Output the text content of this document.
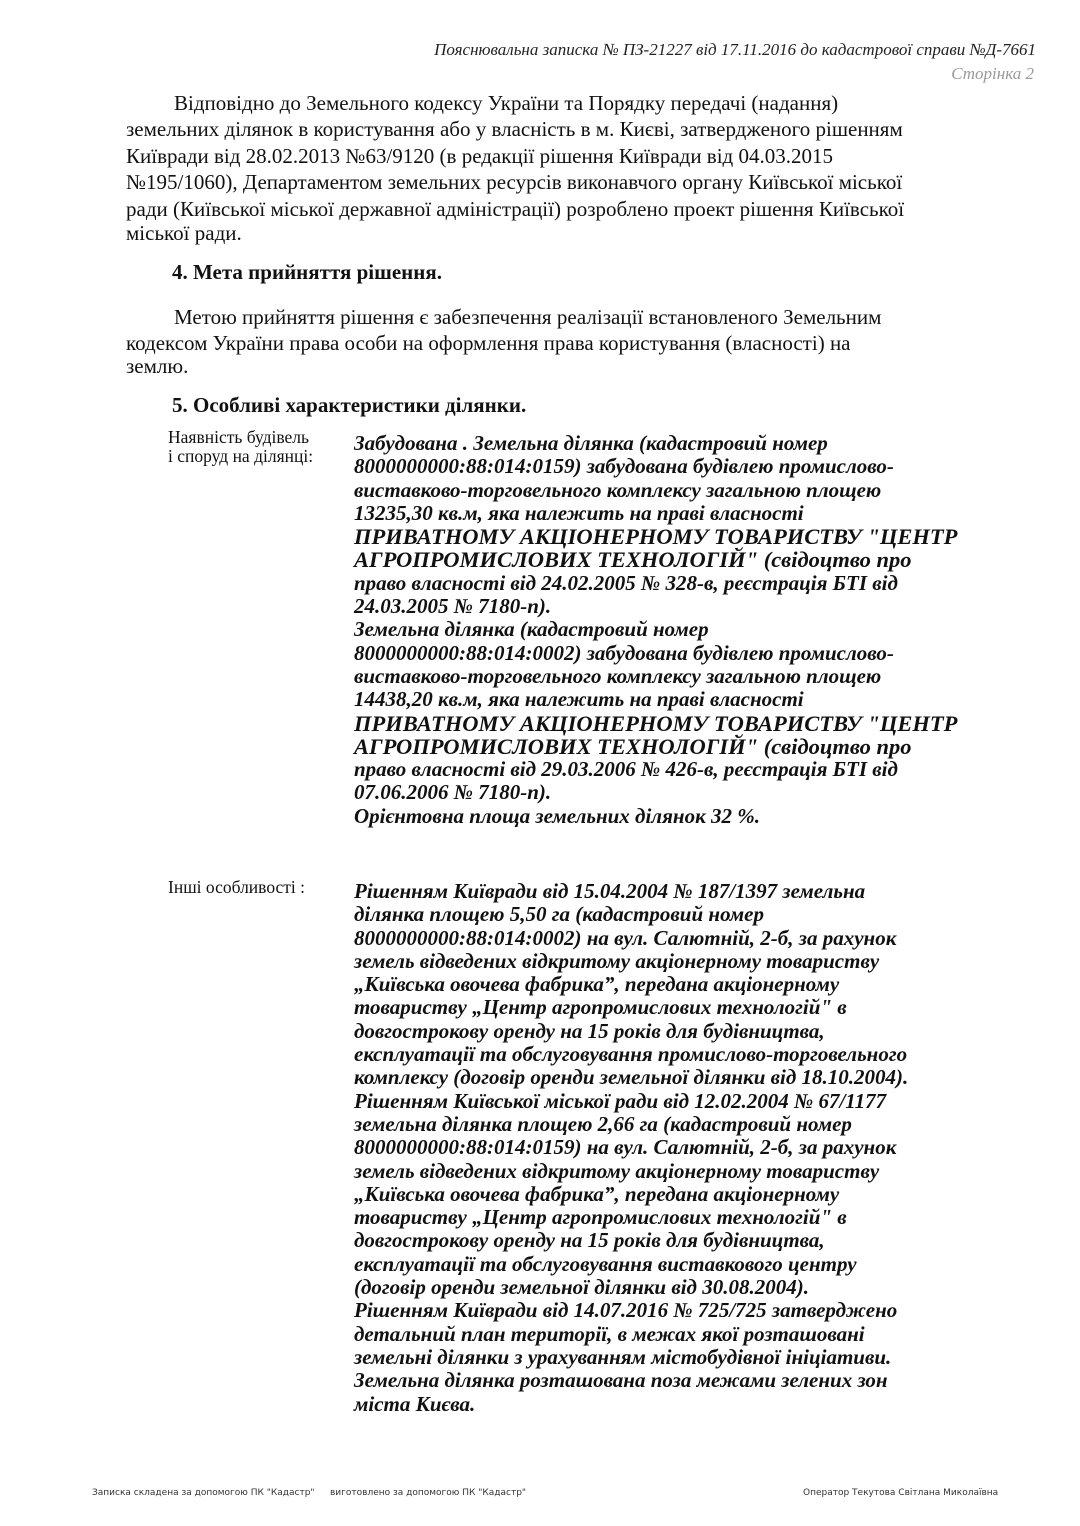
Пояснювальна записка № ПЗ-21227 від 17.11.2016 до кадастрової справи №Д-7661
Сторінка 2

Відповідно до Земельного кодексу України та Порядку передачі (надання)

земельних ділянок в користування або у власність в м. Києві, затвердженого рішенням

Київради від 28.02.2013 №63/9120 (в редакції рішення Київради від 04.03.2015

№195/1060), Департаментом земельних ресурсів виконавчого органу Київської міської

ради (Київської міської державної адміністрації) розроблено проект рішення Київської

міської ради.

4. Мета прийняття рішення.

Метою прийняття рішення є забезпечення реалізації встановленого Земельним

кодексом України права особи на оформлення права користування (власності) на

землю.

5. Особливі характеристики ділянки.
Наявність будівель
і споруд на ділянці:
Забудована . Земельна ділянка (кадастровий номер
8000000000:88:014:0159) забудована будівлею промислово-
виставково-торговельного комплексу загальною площею
13235,30 кв.м, яка належить на праві власності
ПРИВАТНОМУ АКЦІОНЕРНОМУ ТОВАРИСТВУ "ЦЕНТР
АГРОПРОМИСЛОВИХ ТЕХНОЛОГІЙ" (свідоцтво про
право власності від 24.02.2005 № 328-в, реєстрація БТІ від
24.03.2005 № 7180-п).
Земельна ділянка (кадастровий номер
8000000000:88:014:0002) забудована будівлею промислово-
виставково-торговельного комплексу загальною площею
14438,20 кв.м, яка належить на праві власності
ПРИВАТНОМУ АКЦІОНЕРНОМУ ТОВАРИСТВУ "ЦЕНТР
АГРОПРОМИСЛОВИХ ТЕХНОЛОГІЙ" (свідоцтво про
право власності від 29.03.2006 № 426-в, реєстрація БТІ від
07.06.2006 № 7180-п).
Орієнтовна площа земельних ділянок 32 %.
Інші особливості :	Рішенням Київради від 15.04.2004 № 187/1397 земельна
ділянка площею 5,50 га (кадастровий номер
8000000000:88:014:0002) на вул. Салютній, 2-б, за рахунок
земель відведених відкритому акціонерному товариству
„Київська овочева фабрика”, передана акціонерному
товариству „Центр агропромислових технологій" в
довгострокову оренду на 15 років для будівництва,
експлуатації та обслуговування промислово-торговельного
комплексу (договір оренди земельної ділянки від 18.10.2004).
Рішенням Київської міської ради від 12.02.2004 № 67/1177
земельна ділянка площею 2,66 га (кадастровий номер
8000000000:88:014:0159) на вул. Салютній, 2-б, за рахунок
земель відведених відкритому акціонерному товариству
„Київська овочева фабрика”, передана акціонерному
товариству „Центр агропромислових технологій" в
довгострокову оренду на 15 років для будівництва,
експлуатації та обслуговування виставкового центру
(договір оренди земельної ділянки від 30.08.2004).
Рішенням Київради від 14.07.2016 № 725/725 затверджено
детальний план території, в межах якої розташовані
земельні ділянки з урахуванням містобудівної ініціативи.
Земельна ділянка розташована поза межами зелених зон
міста Києва.
Записка складена за допомогою ПК "Кадастр" виготовлено за допомогою ПК "Кадастр"	Оператор Текутова Світлана Миколаївна
